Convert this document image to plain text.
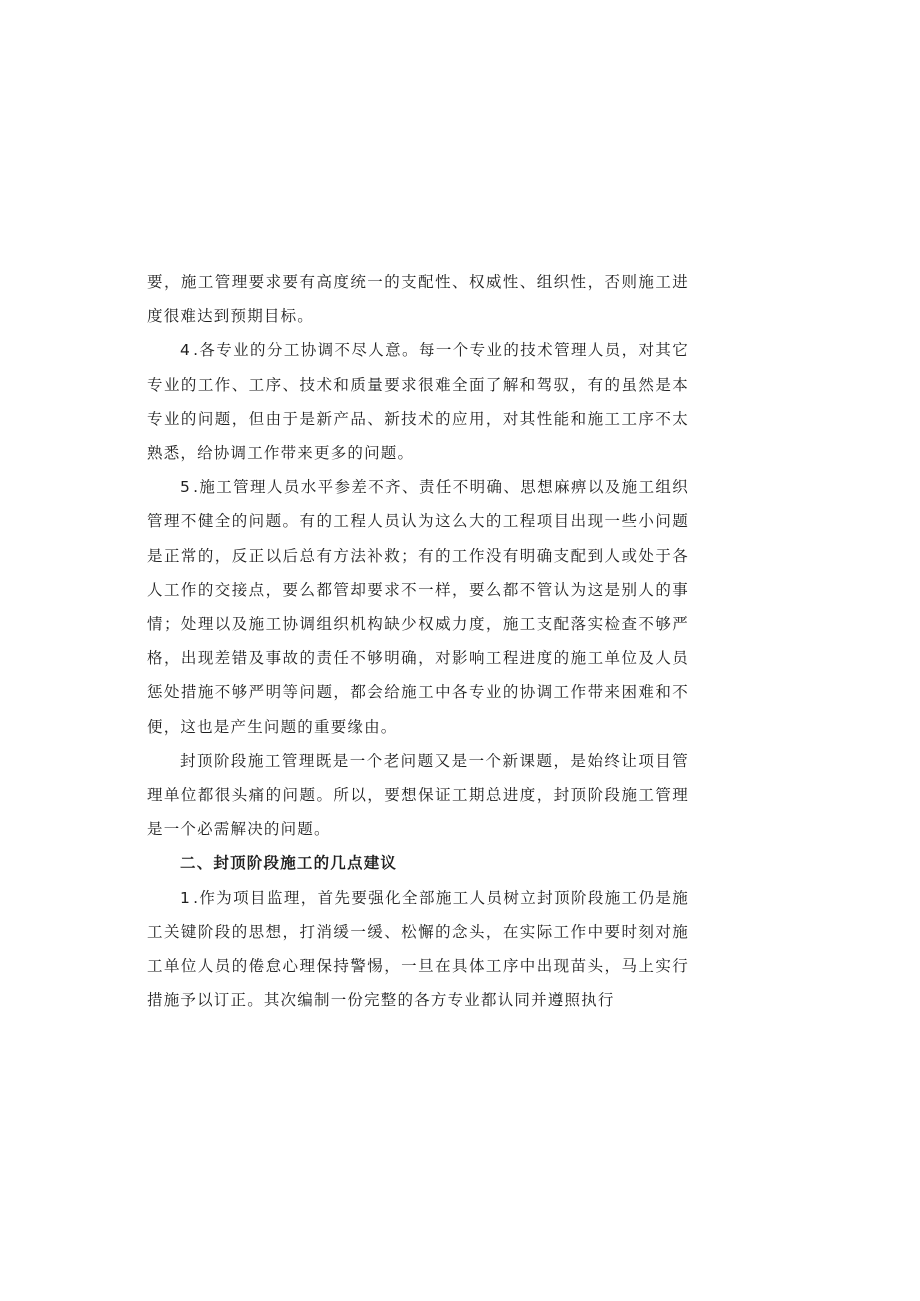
要，施工管理要求要有高度统一的支配性、权威性、组织性，否则施工进度很难达到预期目标。

4 .各专业的分工协调不尽人意。每一个专业的技术管理人员，对其它专业的工作、工序、技术和质量要求很难全面了解和驾驭，有的虽然是本专业的问题，但由于是新产品、新技术的应用，对其性能和施工工序不太熟悉，给协调工作带来更多的问题。

5 .施工管理人员水平参差不齐、责任不明确、思想麻痹以及施工组织管理不健全的问题。有的工程人员认为这么大的工程项目出现一些小问题是正常的，反正以后总有方法补救；有的工作没有明确支配到人或处于各人工作的交接点，要么都管却要求不一样，要么都不管认为这是别人的事情；处理以及施工协调组织机构缺少权威力度，施工支配落实检查不够严格，出现差错及事故的责任不够明确，对影响工程进度的施工单位及人员惩处措施不够严明等问题，都会给施工中各专业的协调工作带来困难和不便，这也是产生问题的重要缘由。

封顶阶段施工管理既是一个老问题又是一个新课题，是始终让项目管理单位都很头痛的问题。所以，要想保证工期总进度，封顶阶段施工管理是一个必需解决的问题。

二、封顶阶段施工的几点建议

1 .作为项目监理，首先要强化全部施工人员树立封顶阶段施工仍是施工关键阶段的思想，打消缓一缓、松懈的念头，在实际工作中要时刻对施工单位人员的倦怠心理保持警惕，一旦在具体工序中出现苗头，马上实行措施予以订正。其次编制一份完整的各方专业都认同并遵照执行
